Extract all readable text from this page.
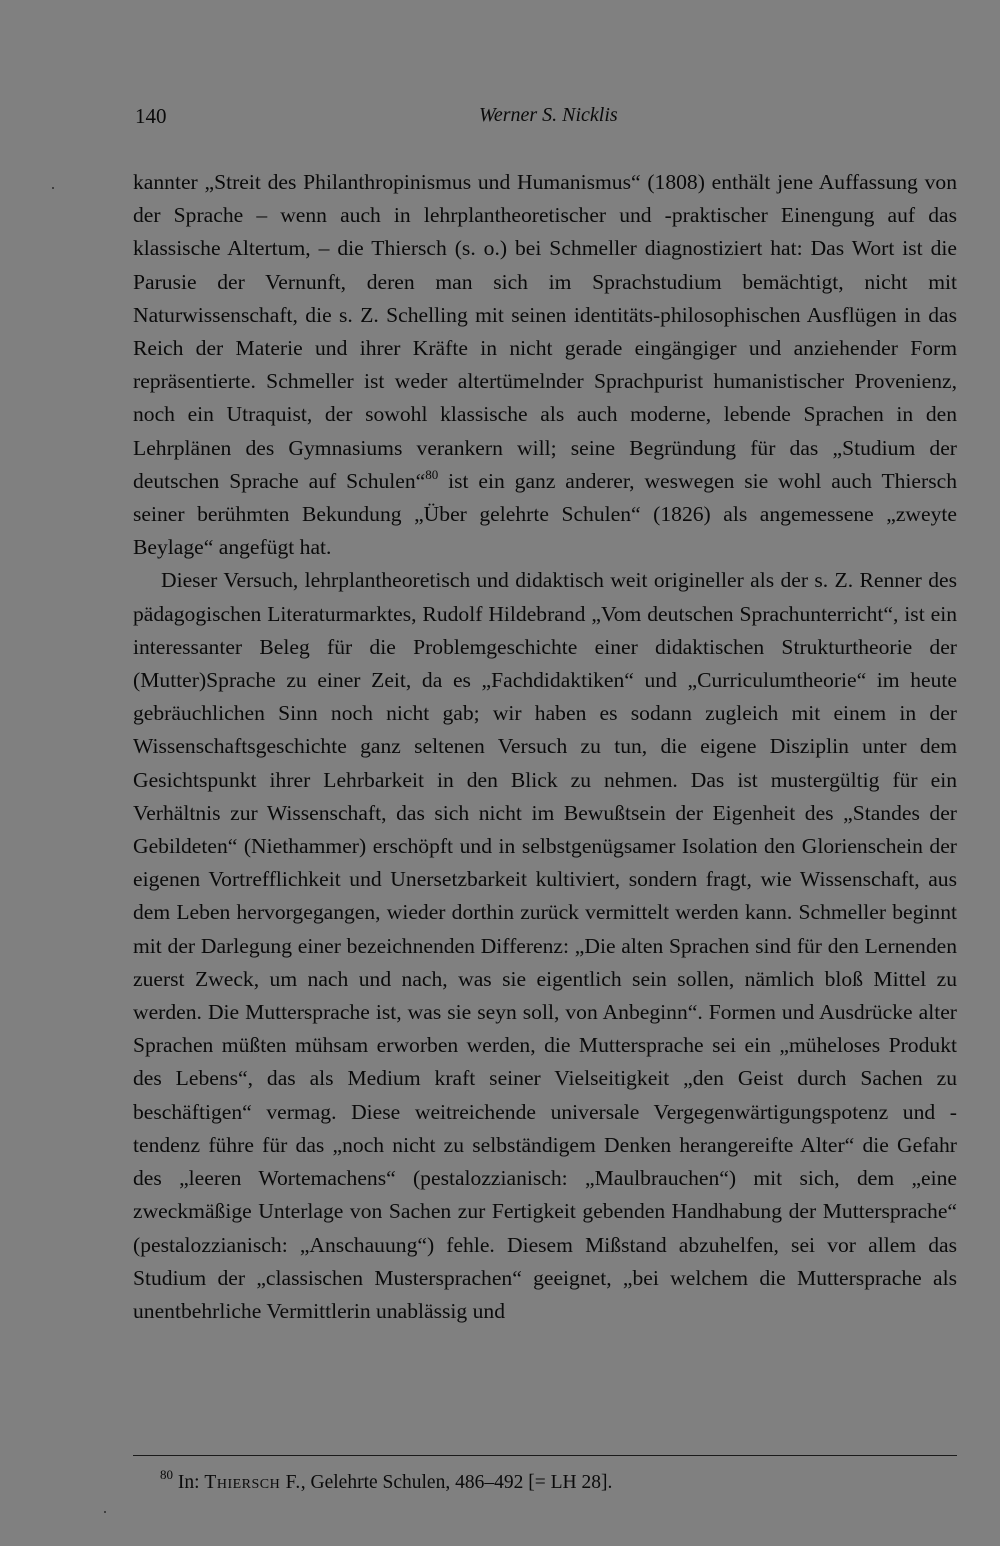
140	Werner S. Nicklis

kannter „Streit des Philanthropinismus und Humanismus“ (1808) enthält jene Auffassung von der Sprache – wenn auch in lehrplantheoretischer und -praktischer Einengung auf das klassische Altertum, – die Thiersch (s. o.) bei Schmeller diagnostiziert hat: Das Wort ist die Parusie der Vernunft, deren man sich im Sprachstudium bemächtigt, nicht mit Naturwissenschaft, die s. Z. Schelling mit seinen identitäts-philosophischen Ausflügen in das Reich der Materie und ihrer Kräfte in nicht gerade eingängiger und anziehender Form repräsentierte. Schmeller ist weder altertümelnder Sprachpurist humanistischer Provenienz, noch ein Utraquist, der sowohl klassische als auch moderne, lebende Sprachen in den Lehrplänen des Gymnasiums verankern will; seine Begründung für das „Studium der deutschen Sprache auf Schulen“$^{80}$ ist ein ganz anderer, weswegen sie wohl auch Thiersch seiner berühmten Bekundung „Über gelehrte Schulen“ (1826) als angemessene „zweyte Beylage“ angefügt hat.

Dieser Versuch, lehrplantheoretisch und didaktisch weit origineller als der s. Z. Renner des pädagogischen Literaturmarktes, Rudolf Hildebrand „Vom deutschen Sprachunterricht“, ist ein interessanter Beleg für die Problemgeschichte einer didaktischen Strukturtheorie der (Mutter)Sprache zu einer Zeit, da es „Fachdidaktiken“ und „Curriculumtheorie“ im heute gebräuchlichen Sinn noch nicht gab; wir haben es sodann zugleich mit einem in der Wissenschaftsgeschichte ganz seltenen Versuch zu tun, die eigene Disziplin unter dem Gesichtspunkt ihrer Lehrbarkeit in den Blick zu nehmen. Das ist mustergültig für ein Verhältnis zur Wissenschaft, das sich nicht im Bewußtsein der Eigenheit des „Standes der Gebildeten“ (Niethammer) erschöpft und in selbstgenügsamer Isolation den Glorienschein der eigenen Vortrefflichkeit und Unersetzbarkeit kultiviert, sondern fragt, wie Wissenschaft, aus dem Leben hervorgegangen, wieder dorthin zurück vermittelt werden kann. Schmeller beginnt mit der Darlegung einer bezeichnenden Differenz: „Die alten Sprachen sind für den Lernenden zuerst Zweck, um nach und nach, was sie eigentlich sein sollen, nämlich bloß Mittel zu werden. Die Muttersprache ist, was sie seyn soll, von Anbeginn“. Formen und Ausdrücke alter Sprachen müßten mühsam erworben werden, die Muttersprache sei ein „müheloses Produkt des Lebens“, das als Medium kraft seiner Vielseitigkeit „den Geist durch Sachen zu beschäftigen“ vermag. Diese weitreichende universale Vergegenwärtigungspotenz und -tendenz führe für das „noch nicht zu selbständigem Denken herangereifte Alter“ die Gefahr des „leeren Wortemachens“ (pestalozzianisch: „Maulbrauchen“) mit sich, dem „eine zweckmäßige Unterlage von Sachen zur Fertigkeit gebenden Handhabung der Muttersprache“ (pestalozzianisch: „Anschauung“) fehle. Diesem Mißstand abzuhelfen, sei vor allem das Studium der „classischen Mustersprachen“ geeignet, „bei welchem die Muttersprache als unentbehrliche Vermittlerin unablässig und

$^{80}$ In: Thiersch F., Gelehrte Schulen, 486–492 [= LH 28].
